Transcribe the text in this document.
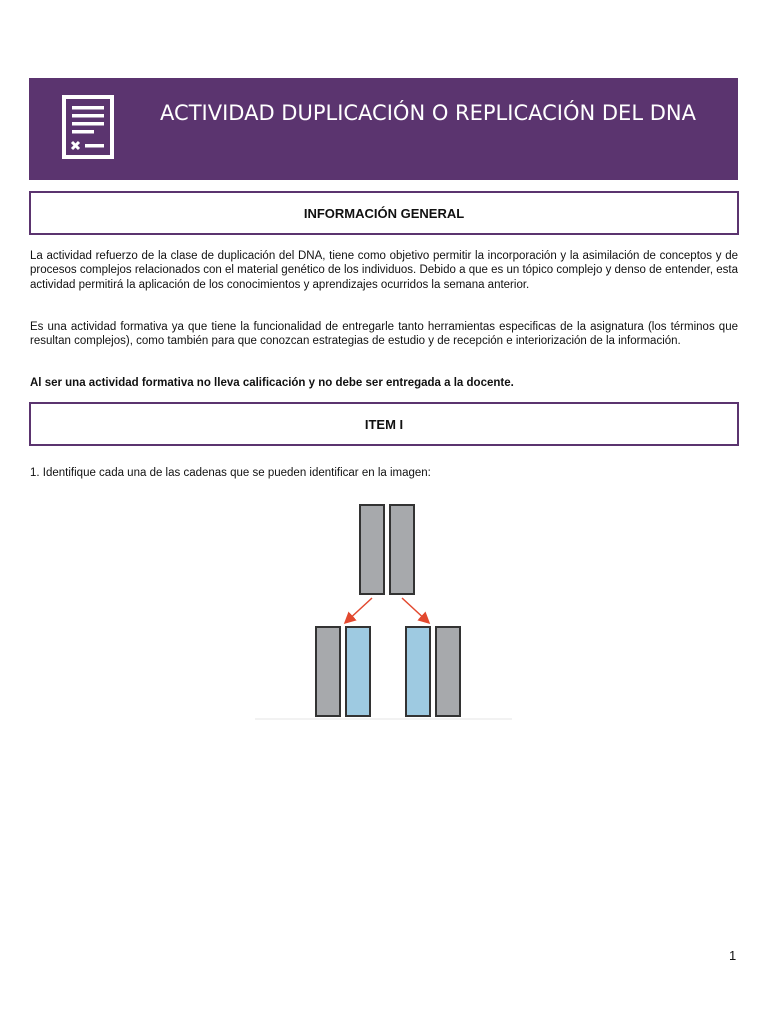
ACTIVIDAD DUPLICACIÓN O REPLICACIÓN DEL DNA
INFORMACIÓN GENERAL

La actividad refuerzo de la clase de duplicación del DNA, tiene como objetivo permitir la incorporación y la asimilación de conceptos y de procesos complejos relacionados con el material genético de los individuos. Debido a que es un tópico complejo y denso de entender, esta actividad permitirá la aplicación de los conocimientos y aprendizajes ocurridos la semana anterior.

Es una actividad formativa ya que tiene la funcionalidad de entregarle tanto herramientas especificas de la asignatura (los términos que resultan complejos), como también para que conozcan estrategias de estudio y de recepción e interiorización de la información.

Al ser una actividad formativa no lleva calificación y no debe ser entregada a la docente.

ITEM I

1. Identifique cada una de las cadenas que se pueden identificar en la imagen:

1
